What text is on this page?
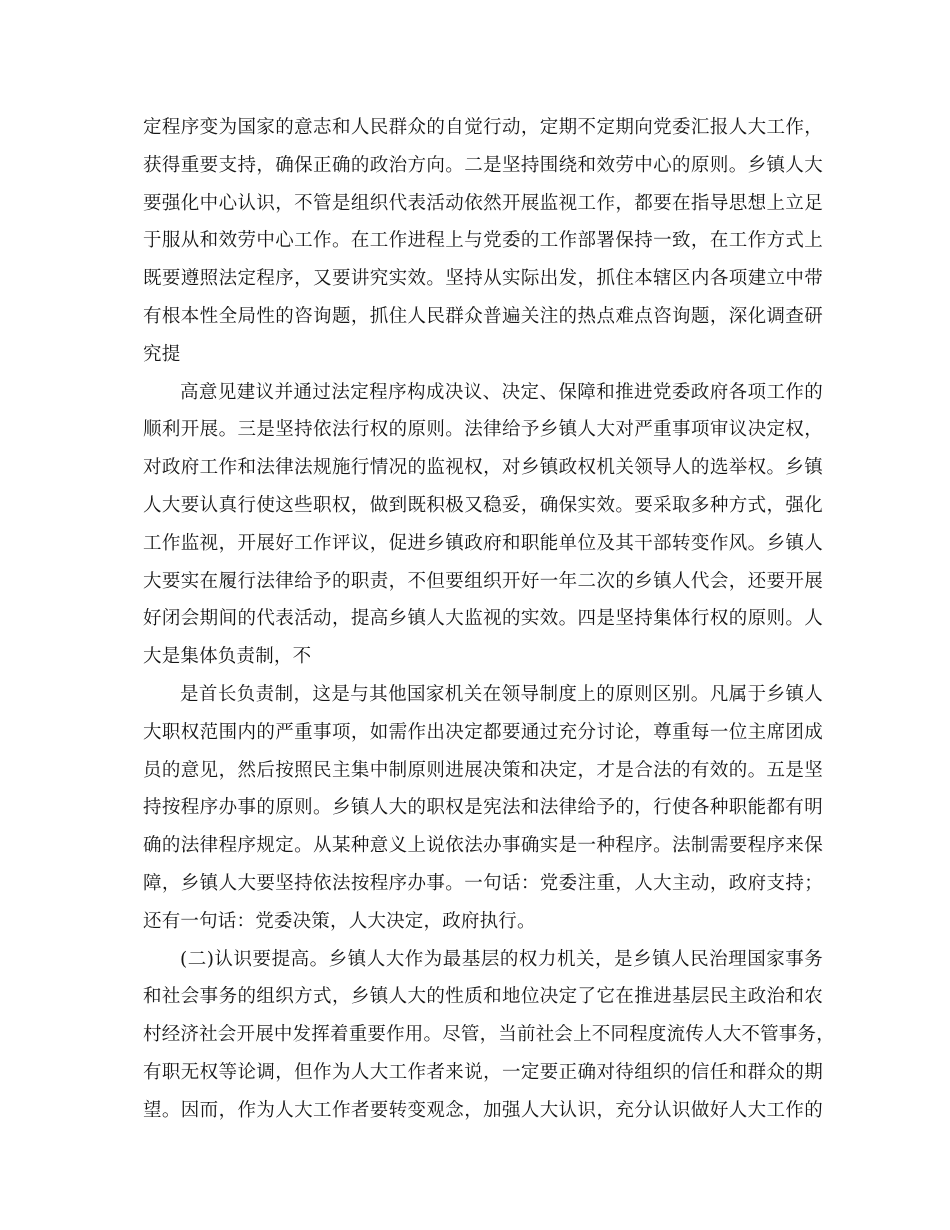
定程序变为国家的意志和人民群众的自觉行动，定期不定期向党委汇报人大工作，
获得重要支持，确保正确的政治方向。二是坚持围绕和效劳中心的原则。乡镇人大
要强化中心认识，不管是组织代表活动依然开展监视工作，都要在指导思想上立足
于服从和效劳中心工作。在工作进程上与党委的工作部署保持一致，在工作方式上
既要遵照法定程序，又要讲究实效。坚持从实际出发，抓住本辖区内各项建立中带
有根本性全局性的咨询题，抓住人民群众普遍关注的热点难点咨询题，深化调查研
究提
高意见建议并通过法定程序构成决议、决定、保障和推进党委政府各项工作的
顺利开展。三是坚持依法行权的原则。法律给予乡镇人大对严重事项审议决定权，
对政府工作和法律法规施行情况的监视权，对乡镇政权机关领导人的选举权。乡镇
人大要认真行使这些职权，做到既积极又稳妥，确保实效。要采取多种方式，强化
工作监视，开展好工作评议，促进乡镇政府和职能单位及其干部转变作风。乡镇人
大要实在履行法律给予的职责，不但要组织开好一年二次的乡镇人代会，还要开展
好闭会期间的代表活动，提高乡镇人大监视的实效。四是坚持集体行权的原则。人
大是集体负责制，不
是首长负责制，这是与其他国家机关在领导制度上的原则区别。凡属于乡镇人
大职权范围内的严重事项，如需作出决定都要通过充分讨论，尊重每一位主席团成
员的意见，然后按照民主集中制原则进展决策和决定，才是合法的有效的。五是坚
持按程序办事的原则。乡镇人大的职权是宪法和法律给予的，行使各种职能都有明
确的法律程序规定。从某种意义上说依法办事确实是一种程序。法制需要程序来保
障，乡镇人大要坚持依法按程序办事。一句话：党委注重，人大主动，政府支持；
还有一句话：党委决策，人大决定，政府执行。
(二)认识要提高。乡镇人大作为最基层的权力机关，是乡镇人民治理国家事务
和社会事务的组织方式，乡镇人大的性质和地位决定了它在推进基层民主政治和农
村经济社会开展中发挥着重要作用。尽管，当前社会上不同程度流传人大不管事务，
有职无权等论调，但作为人大工作者来说，一定要正确对待组织的信任和群众的期
望。因而，作为人大工作者要转变观念，加强人大认识，充分认识做好人大工作的
